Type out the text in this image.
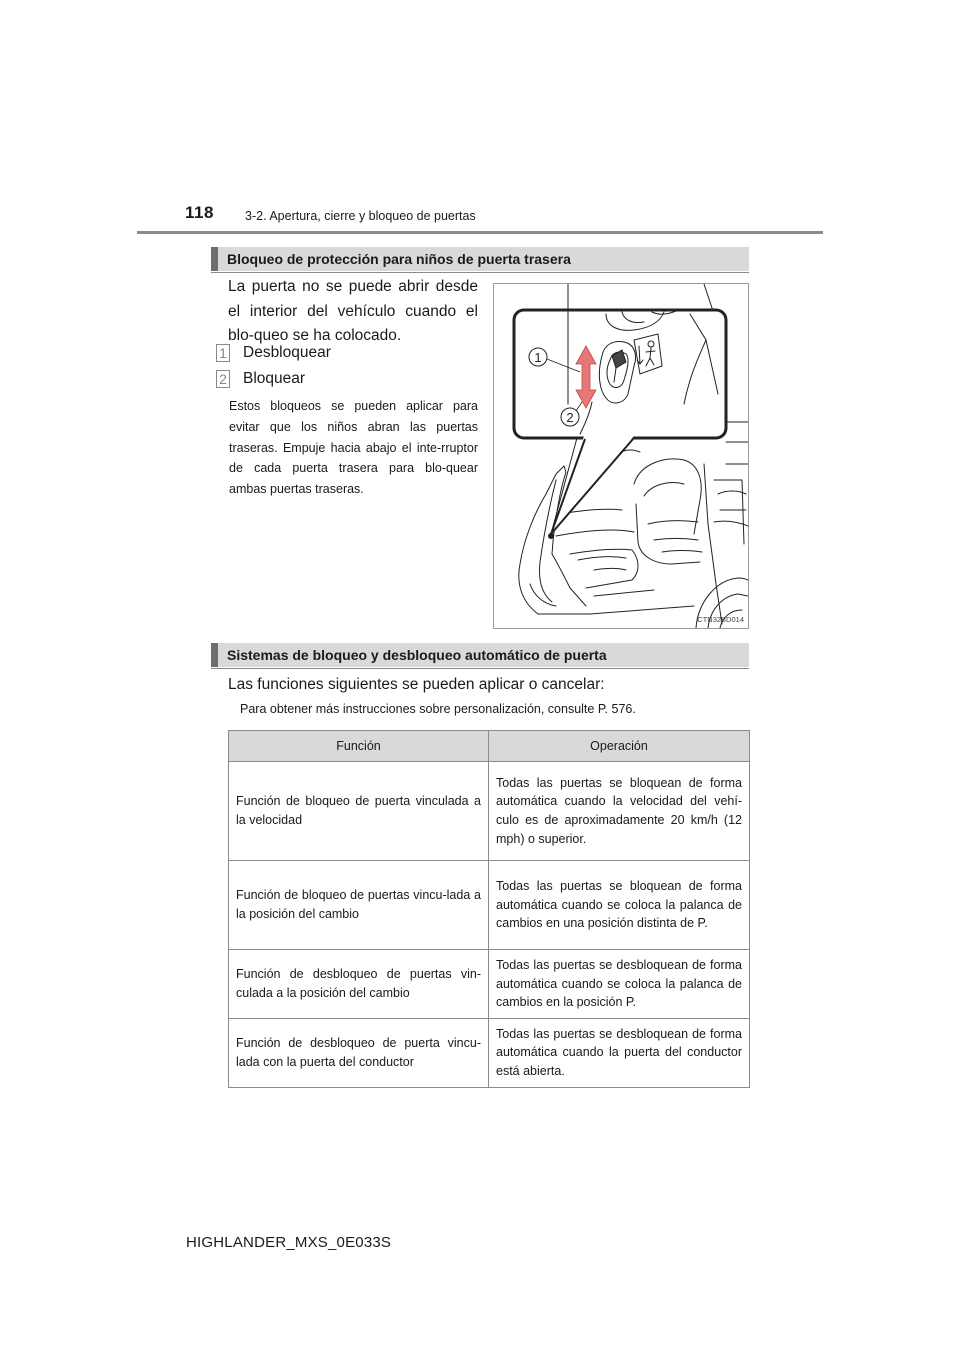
118 3-2. Apertura, cierre y bloqueo de puertas
Bloqueo de protección para niños de puerta trasera
La puerta no se puede abrir desde el interior del vehículo cuando el blo-queo se ha colocado.
1 Desbloquear
2 Bloquear
Estos bloqueos se pueden aplicar para evitar que los niños abran las puertas traseras. Empuje hacia abajo el inte-rruptor de cada puerta trasera para blo-quear ambas puertas traseras.
1
2
CTN32BD014
Sistemas de bloqueo y desbloqueo automático de puerta
Las funciones siguientes se pueden aplicar o cancelar:
Para obtener más instrucciones sobre personalización, consulte P. 576.
Función	Operación
Función de bloqueo de puerta vinculada a la velocidad	Todas las puertas se bloquean de forma automática cuando la velocidad del vehí-culo es de aproximadamente 20 km/h (12 mph) o superior.
Función de bloqueo de puertas vincu-lada a la posición del cambio	Todas las puertas se bloquean de forma automática cuando se coloca la palanca de cambios en una posición distinta de P.
Función de desbloqueo de puertas vin-culada a la posición del cambio	Todas las puertas se desbloquean de forma automática cuando se coloca la palanca de cambios en la posición P.
Función de desbloqueo de puerta vincu-lada con la puerta del conductor	Todas las puertas se desbloquean de forma automática cuando la puerta del conductor está abierta.
HIGHLANDER_MXS_0E033S
